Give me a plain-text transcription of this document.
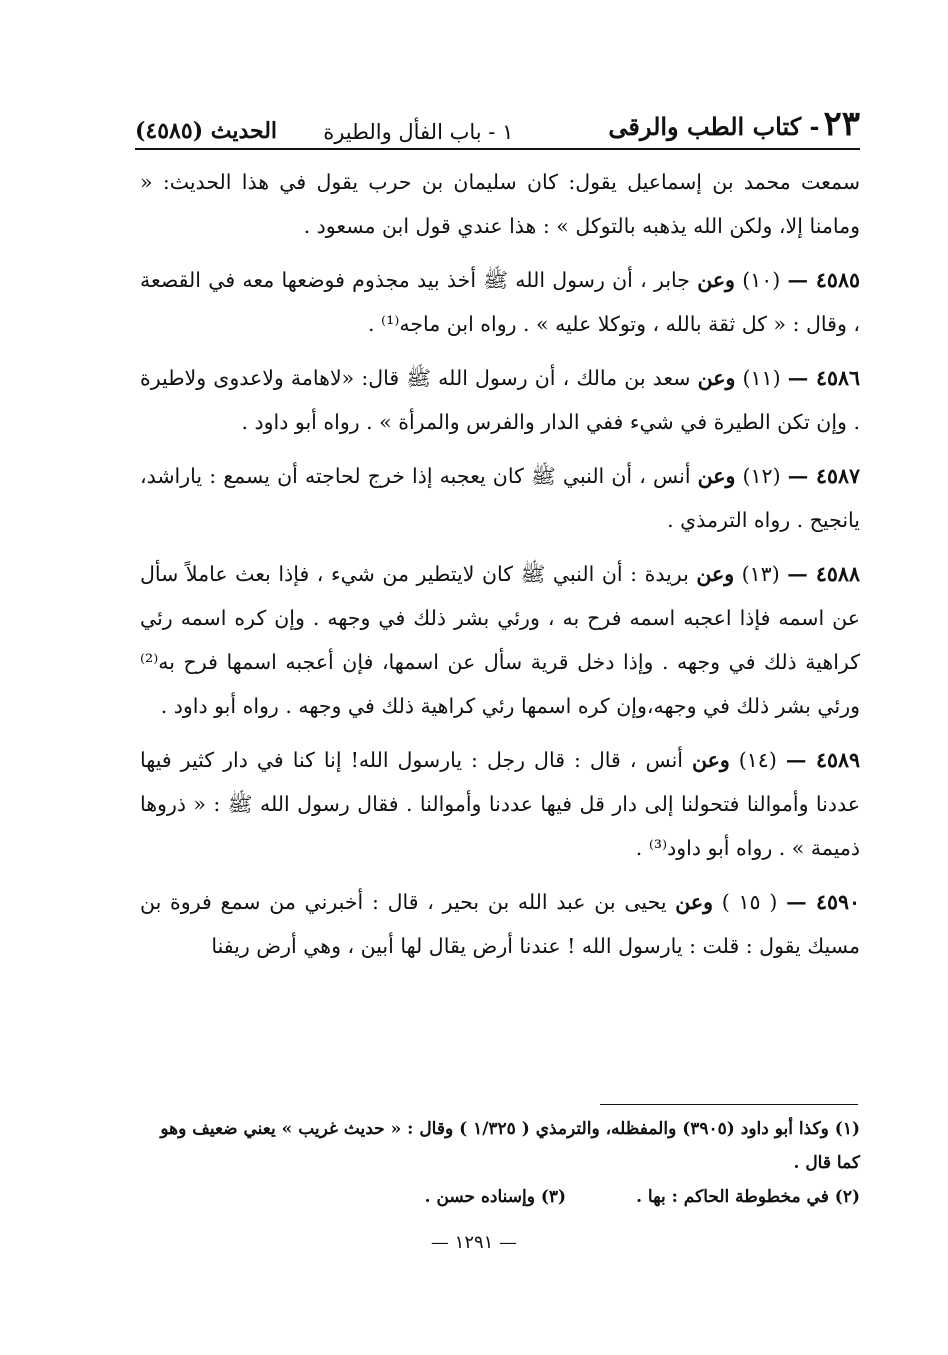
٢٣- كتاب الطب والرقى
١ - باب الفأل والطيرة
الحديث (٤٥٨٥)

سمعت محمد بن إسماعيل يقول: كان سليمان بن حرب يقول في هذا الحديث: « ومامنا إلا، ولكن الله يذهبه بالتوكل » : هذا عندي قول ابن مسعود .

٤٥٨٥ — (١٠) وعن جابر ، أن رسول الله ﷺ أخذ بيد مجذوم فوضعها معه في القصعة ، وقال : « كل ثقة بالله ، وتوكلا عليه » . رواه ابن ماجه⁽¹⁾ .

٤٥٨٦ — (١١) وعن سعد بن مالك ، أن رسول الله ﷺ قال: «لاهامة ولاعدوى ولاطيرة . وإن تكن الطيرة في شيء ففي الدار والفرس والمرأة » . رواه أبو داود .

٤٥٨٧ — (١٢) وعن أنس ، أن النبي ﷺ كان يعجبه إذا خرج لحاجته أن يسمع : ياراشد، يانجيح . رواه الترمذي .

٤٥٨٨ — (١٣) وعن بريدة : أن النبي ﷺ كان لايتطير من شيء ، فإذا بعث عاملاً سأل عن اسمه فإذا اعجبه اسمه فرح به ، ورئي بشر ذلك في وجهه . وإن كره اسمه رئي كراهية ذلك في وجهه . وإذا دخل قرية سأل عن اسمها، فإن أعجبه اسمها فرح به⁽²⁾ ورئي بشر ذلك في وجهه،وإن كره اسمها رئي كراهية ذلك في وجهه . رواه أبو داود .

٤٥٨٩ — (١٤) وعن أنس ، قال : قال رجل : يارسول الله! إنا كنا في دار كثير فيها عددنا وأموالنا فتحولنا إلى دار قل فيها عددنا وأموالنا . فقال رسول الله ﷺ : « ذروها ذميمة » . رواه أبو داود⁽³⁾ .

٤٥٩٠ — ( ١٥ ) وعن يحيى بن عبد الله بن بحير ، قال : أخبرني من سمع فروة بن مسيك يقول : قلت : يارسول الله ! عندنا أرض يقال لها أبين ، وهي أرض ريفنا

(١) وكذا أبو داود (٣٩٠٥) والمفظله، والترمذي ( ١/٣٢٥ ) وقال : « حديث غريب » يعني ضعيف وهو كما قال .

(٢) في مخطوطة الحاكم : بها .
(٣) وإسناده حسن .
— ١٢٩١ —
